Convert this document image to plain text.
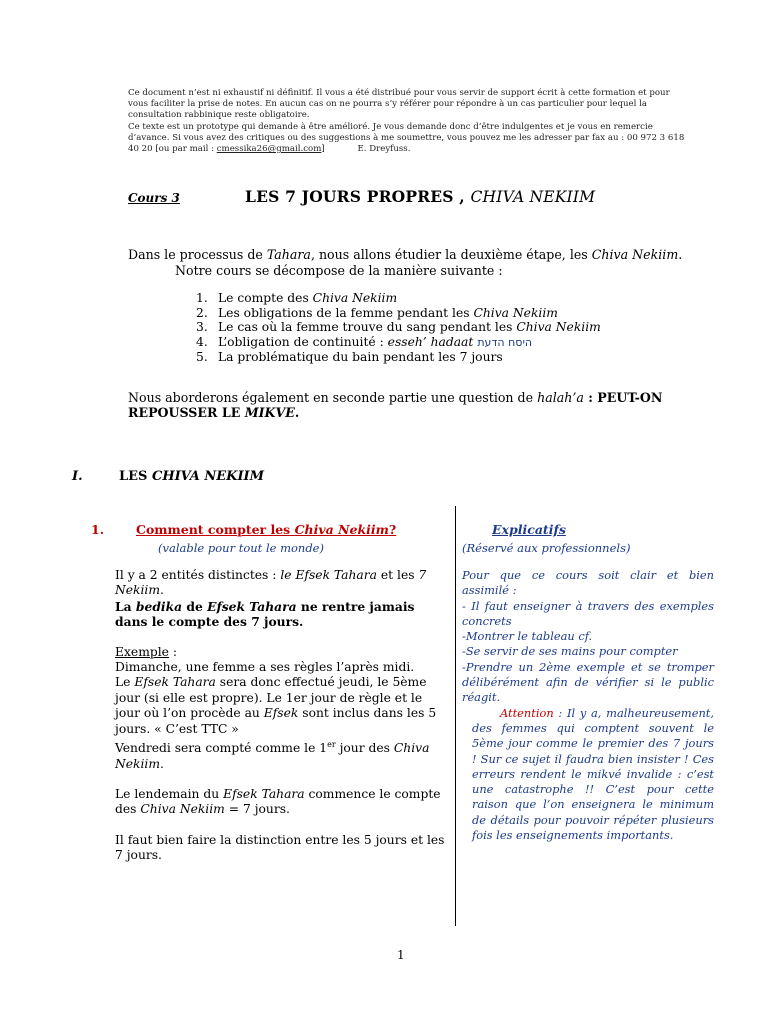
Ce document n’est ni exhaustif ni définitif. Il vous a été distribué pour vous servir de support écrit à cette formation et pour vous faciliter la prise de notes. En aucun cas on ne pourra s’y référer pour répondre à un cas particulier pour lequel la consultation rabbinique reste obligatoire.

Ce texte est un prototype qui demande à être amélioré. Je vous demande donc d’être indulgentes et je vous en remercie d’avance. Si vous avez des critiques ou des suggestions à me soumettre, vous pouvez me les adresser par fax au : 00 972 3 618 40 20 [ou par mail : cmessika26@gmail.com]	E. Dreyfuss.

Cours 3	LES 7 JOURS PROPRES , CHIVA NEKIIM
Dans le processus de Tahara, nous allons étudier la deuxième étape, les Chiva Nekiim.
Notre cours se décompose de la manière suivante :
1. Le compte des Chiva Nekiim
2. Les obligations de la femme pendant les Chiva Nekiim
3. Le cas où la femme trouve du sang pendant les Chiva Nekiim
4. L’obligation de continuité : esseh’ hadaat היסח הדעת
5. La problématique du bain pendant les 7 jours
Nous aborderons également en seconde partie une question de halah’a : PEUT-ON REPOUSSER LE MIKVE.
I.	LES CHIVA NEKIIM
1.	Comment compter les Chiva Nekiim?
(valable pour tout le monde)
Explicatifs
(Réservé aux professionnels)

Il y a 2 entités distinctes : le Efsek Tahara et les 7 Nekiim.

La bedika de Efsek Tahara ne rentre jamais dans le compte des 7 jours.

Exemple :

Dimanche, une femme a ses règles l’après midi.

Le Efsek Tahara sera donc effectué jeudi, le 5ème jour (si elle est propre). Le 1er jour de règle et le jour où l’on procède au Efsek sont inclus dans les 5 jours. « C’est TTC »

Vendredi sera compté comme le 1er jour des Chiva Nekiim.

Le lendemain du Efsek Tahara commence le compte des Chiva Nekiim = 7 jours.

Il faut bien faire la distinction entre les 5 jours et les 7 jours.

Pour que ce cours soit clair et bien assimilé :

- Il faut enseigner à travers des exemples concrets

-Montrer le tableau cf.

-Se servir de ses mains pour compter

-Prendre un 2ème exemple et se tromper délibérément afin de vérifier si le public réagit.

Attention : Il y a, malheureusement, des femmes qui comptent souvent le 5ème jour comme le premier des 7 jours ! Sur ce sujet il faudra bien insister ! Ces erreurs rendent le mikvé invalide : c’est une catastrophe !! C’est pour cette raison que l’on enseignera le minimum de détails pour pouvoir répéter plusieurs fois les enseignements importants.

1
